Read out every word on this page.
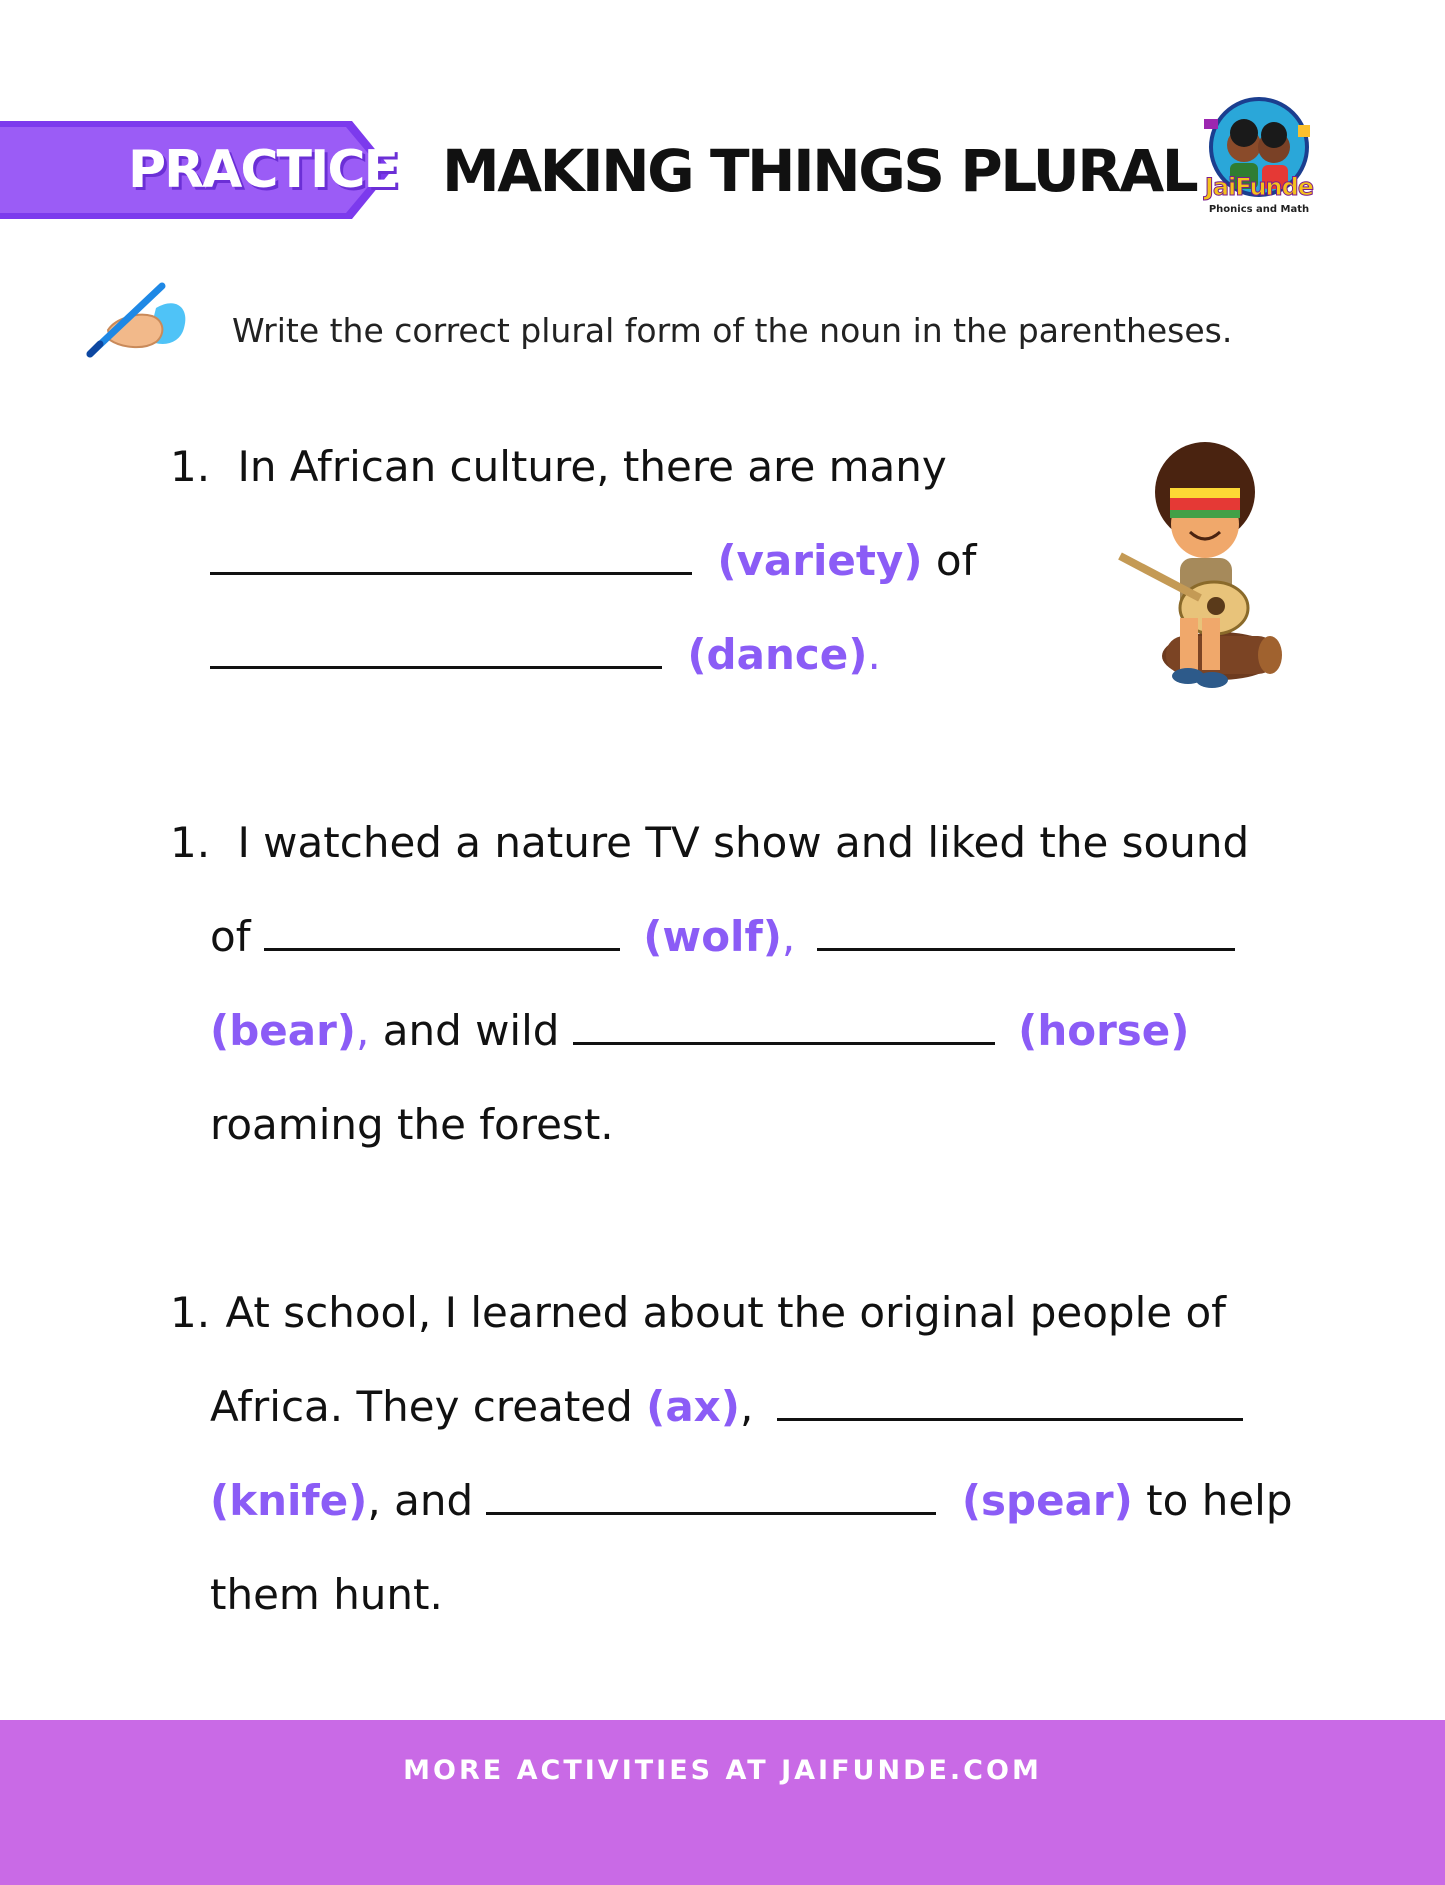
PRACTICE MAKING THINGS PLURAL JaiFunde
Phonics and Math
Write the correct plural form of the noun in the parentheses.
1. In African culture, there are many
(variety) of
(dance).
1. I watched a nature TV show and liked the sound
of	(wolf),
(bear), and wild	(horse)
roaming the forest.
1. At school, I learned about the original people of
Africa. They created (ax),
(knife), and	(spear) to help
them hunt.
MORE ACTIVITIES AT JAIFUNDE.COM
